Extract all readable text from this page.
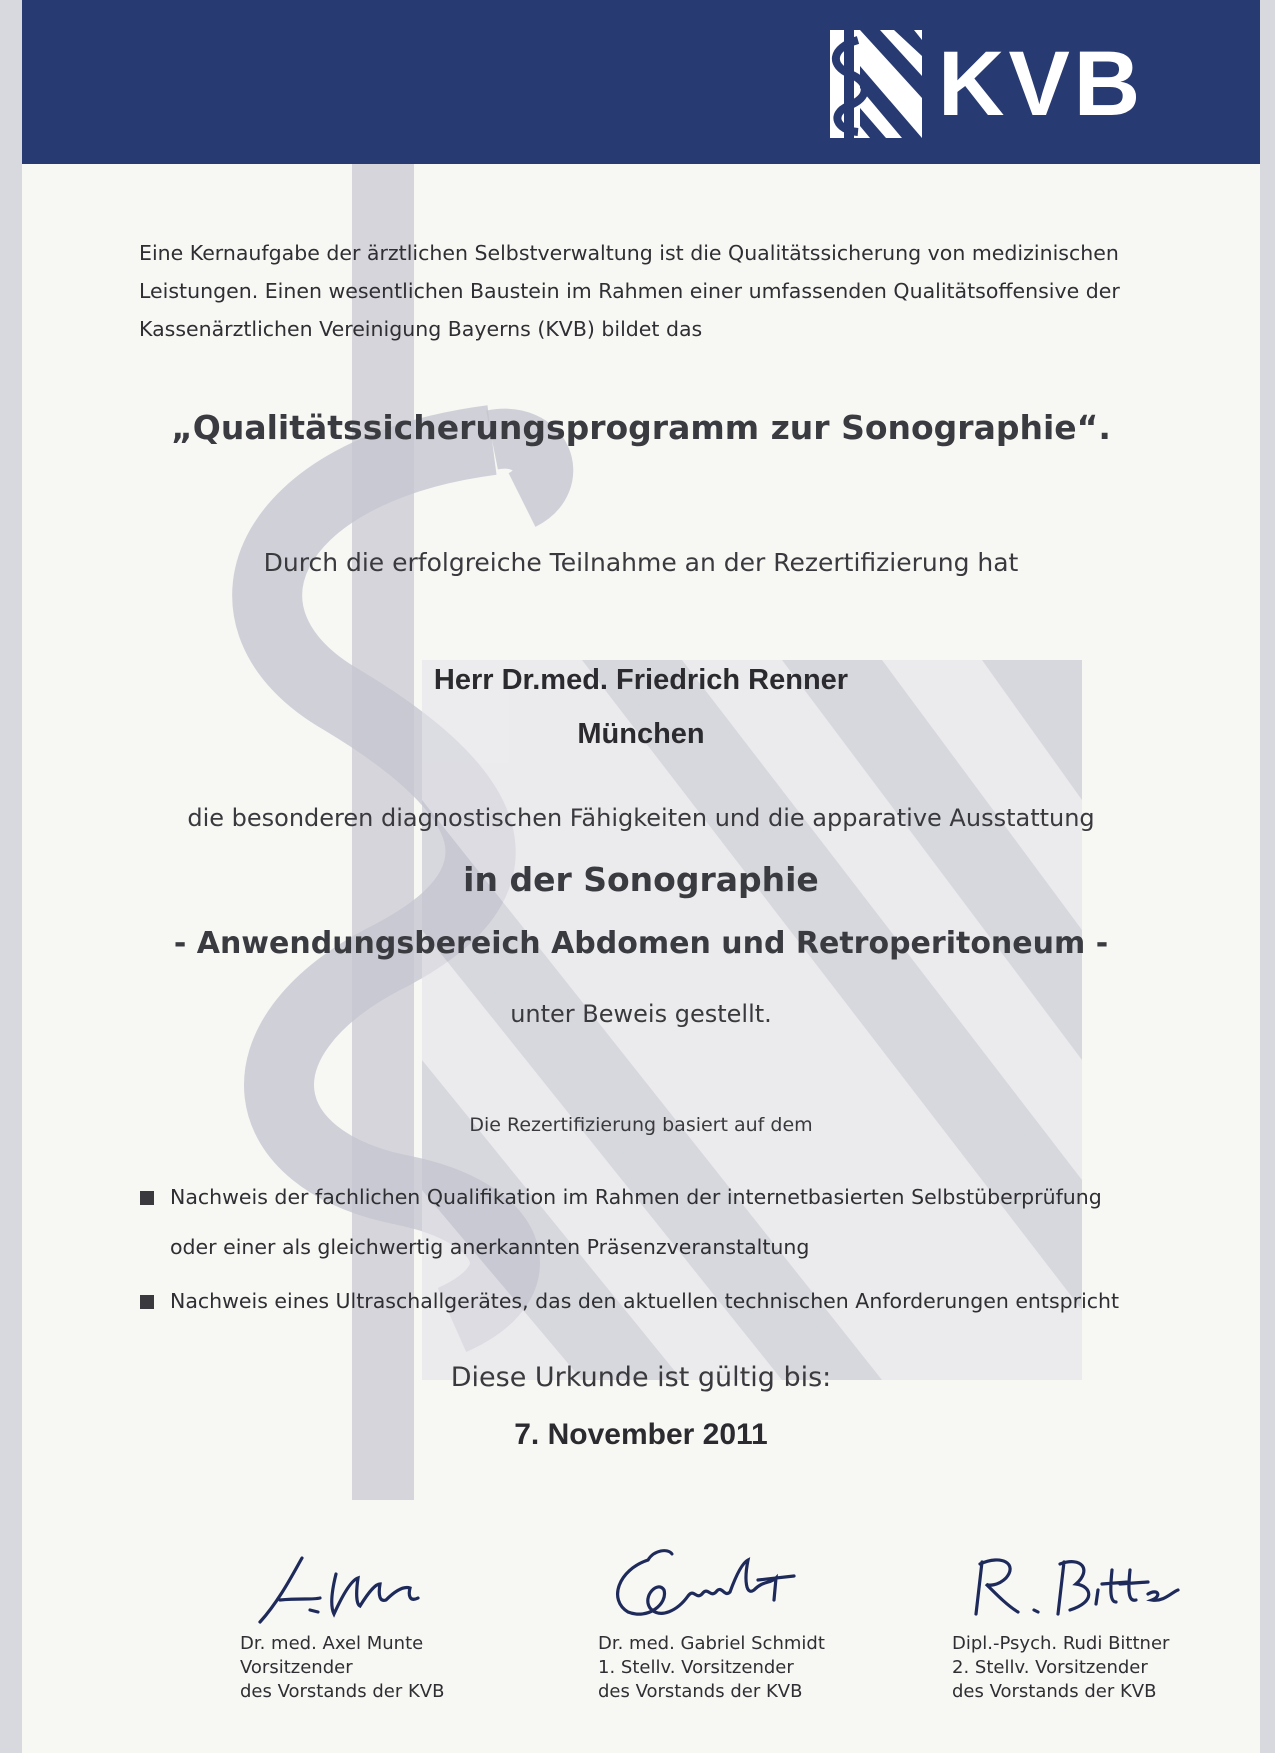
KVB

Eine Kernaufgabe der ärztlichen Selbstverwaltung ist die Qualitätssicherung von medizinischen Leistungen. Einen wesentlichen Baustein im Rahmen einer umfassenden Qualitätsoffensive der Kassenärztlichen Vereinigung Bayerns (KVB) bildet das

„Qualitätssicherungsprogramm zur Sonographie“.
Durch die erfolgreiche Teilnahme an der Rezertifizierung hat
Herr Dr.med. Friedrich Renner
München
die besonderen diagnostischen Fähigkeiten und die apparative Ausstattung
in der Sonographie
- Anwendungsbereich Abdomen und Retroperitoneum -
unter Beweis gestellt.
Die Rezertifizierung basiert auf dem
Nachweis der fachlichen Qualifikation im Rahmen der internetbasierten Selbstüberprüfung
oder einer als gleichwertig anerkannten Präsenzveranstaltung
Nachweis eines Ultraschallgerätes, das den aktuellen technischen Anforderungen entspricht
Diese Urkunde ist gültig bis:
7. November 2011
Dr. med. Axel Munte
Vorsitzender
des Vorstands der KVB
Dr. med. Gabriel Schmidt
1. Stellv. Vorsitzender
des Vorstands der KVB
Dipl.-Psych. Rudi Bittner
2. Stellv. Vorsitzender
des Vorstands der KVB
